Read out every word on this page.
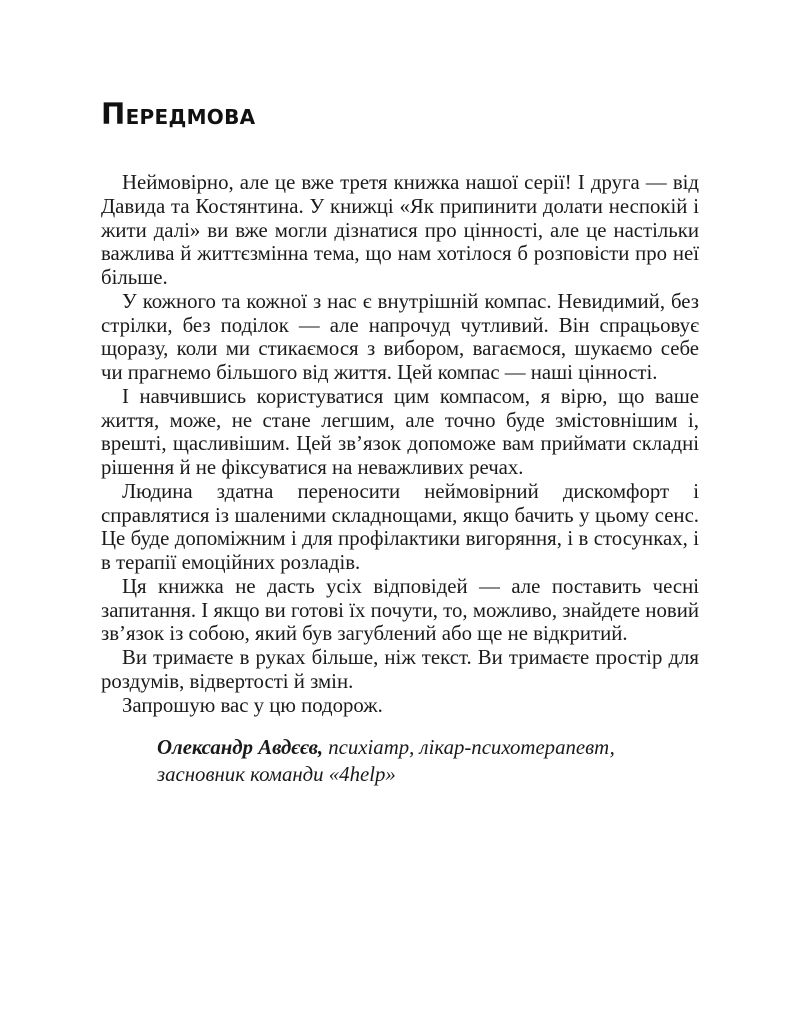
Передмова

Неймовірно, але це вже третя книжка нашої серії! І друга — від Давида та Костянтина. У книжці «Як припинити долати неспокій і жити далі» ви вже могли дізнатися про цінності, але це настільки важлива й життєзмінна тема, що нам хотілося б розповісти про неї більше.

У кожного та кожної з нас є внутрішній компас. Невидимий, без стрілки, без поділок — але напрочуд чутливий. Він спрацьовує щоразу, коли ми стикаємося з вибором, вагаємося, шукаємо себе чи прагнемо більшого від життя. Цей компас — наші цінності.

І навчившись користуватися цим компасом, я вірю, що ваше життя, може, не стане легшим, але точно буде змістовнішим і, врешті, щасливішим. Цей зв’язок допоможе вам приймати складні рішення й не фіксуватися на неважливих речах.

Людина здатна переносити неймовірний дискомфорт і справлятися із шаленими складнощами, якщо бачить у цьому сенс. Це буде допоміжним і для профілактики вигоряння, і в стосунках, і в терапії емоційних розладів.

Ця книжка не дасть усіх відповідей — але поставить чесні запитання. І якщо ви готові їх почути, то, можливо, знайдете новий зв’язок із собою, який був загублений або ще не відкритий.

Ви тримаєте в руках більше, ніж текст. Ви тримаєте простір для роздумів, відвертості й змін.

Запрошую вас у цю подорож.

Олександр Авдєєв, психіатр, лікар-психотерапевт, засновник команди «4help»
